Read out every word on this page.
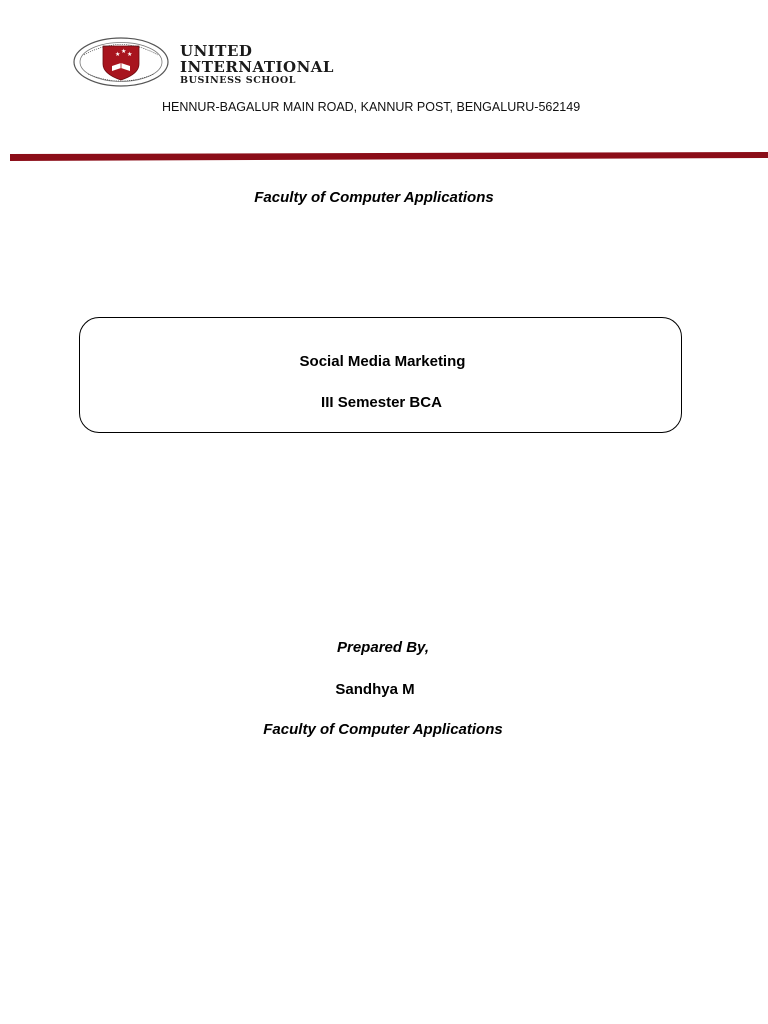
★ ★ ★	UNITED
INTERNATIONAL
BUSINESS SCHOOL
HENNUR-BAGALUR MAIN ROAD, KANNUR POST, BENGALURU-562149
Faculty of Computer Applications
Social Media Marketing
III Semester BCA
Prepared By,
Sandhya M
Faculty of Computer Applications
